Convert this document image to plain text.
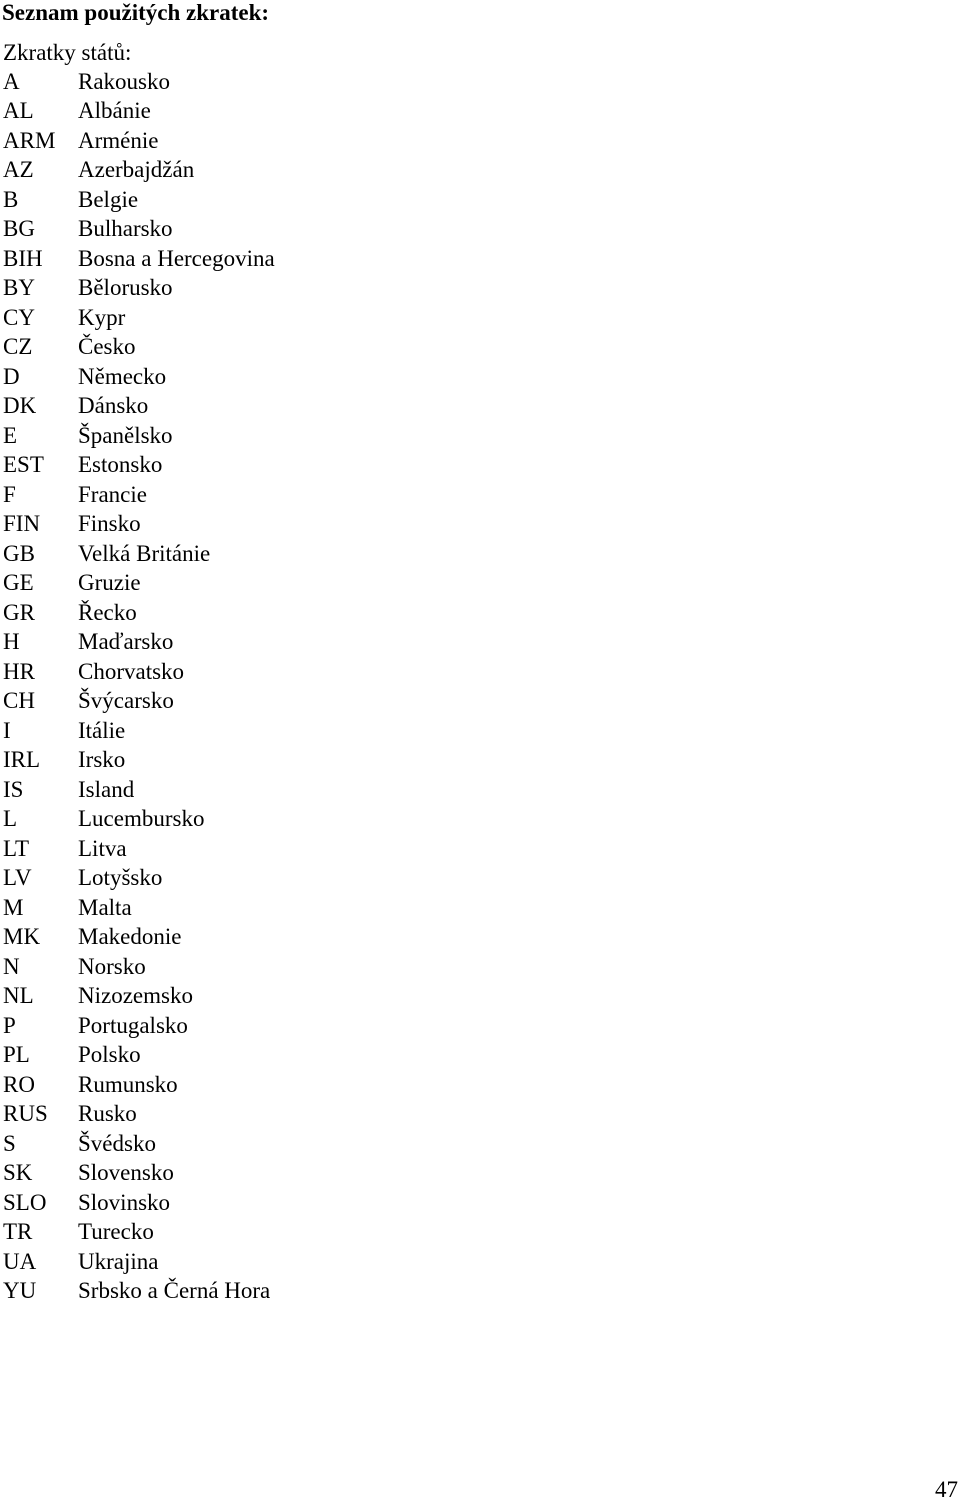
Seznam použitých zkratek:
Zkratky států:
A	Rakousko
AL	Albánie
ARM Arménie
AZ	Azerbajdžán
B	Belgie
BG	Bulharsko
BIH	Bosna a Hercegovina
BY	Bělorusko
CY	Kypr
CZ	Česko
D	Německo
DK	Dánsko
E	Španělsko
EST	Estonsko
F	Francie
FIN	Finsko
GB	Velká Británie
GE	Gruzie
GR	Řecko
H	Maďarsko
HR	Chorvatsko
CH	Švýcarsko
I	Itálie
IRL	Irsko
IS	Island
L	Lucembursko
LT	Litva
LV	Lotyšsko
M	Malta
MK	Makedonie
N	Norsko
NL	Nizozemsko
P	Portugalsko
PL	Polsko
RO	Rumunsko
RUS	Rusko
S	Švédsko
SK	Slovensko
SLO	Slovinsko
TR	Turecko
UA	Ukrajina
YU	Srbsko a Černá Hora
47
